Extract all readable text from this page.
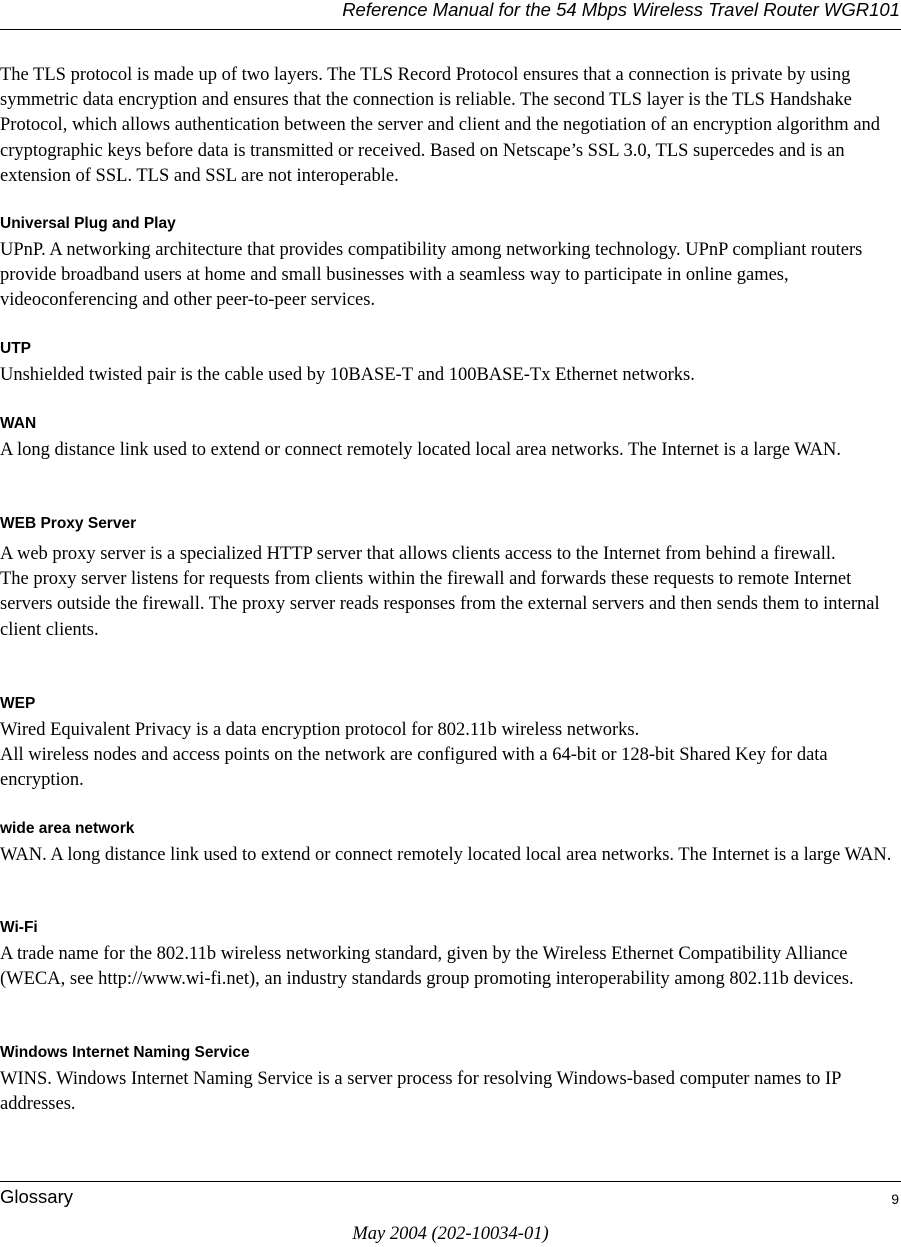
Reference Manual for the 54 Mbps Wireless Travel Router WGR101

The TLS protocol is made up of two layers. The TLS Record Protocol ensures that a connection is private by using symmetric data encryption and ensures that the connection is reliable. The second TLS layer is the TLS Handshake Protocol, which allows authentication between the server and client and the negotiation of an encryption algorithm and cryptographic keys before data is transmitted or received. Based on Netscape’s SSL 3.0, TLS supercedes and is an extension of SSL. TLS and SSL are not interoperable.

Universal Plug and Play

UPnP. A networking architecture that provides compatibility among networking technology. UPnP compliant routers provide broadband users at home and small businesses with a seamless way to participate in online games, videoconferencing and other peer-to-peer services.

UTP

Unshielded twisted pair is the cable used by 10BASE-T and 100BASE-Tx Ethernet networks.

WAN

A long distance link used to extend or connect remotely located local area networks. The Internet is a large WAN.

WEB Proxy Server

A web proxy server is a specialized HTTP server that allows clients access to the Internet from behind a firewall.

The proxy server listens for requests from clients within the firewall and forwards these requests to remote Internet servers outside the firewall. The proxy server reads responses from the external servers and then sends them to internal client clients.

WEP

Wired Equivalent Privacy is a data encryption protocol for 802.11b wireless networks.

All wireless nodes and access points on the network are configured with a 64-bit or 128-bit Shared Key for data encryption.

wide area network

WAN. A long distance link used to extend or connect remotely located local area networks. The Internet is a large WAN.

Wi-Fi

A trade name for the 802.11b wireless networking standard, given by the Wireless Ethernet Compatibility Alliance (WECA, see http://www.wi-fi.net), an industry standards group promoting interoperability among 802.11b devices.

Windows Internet Naming Service

WINS. Windows Internet Naming Service is a server process for resolving Windows-based computer names to IP addresses.

Glossary	9
May 2004 (202-10034-01)
